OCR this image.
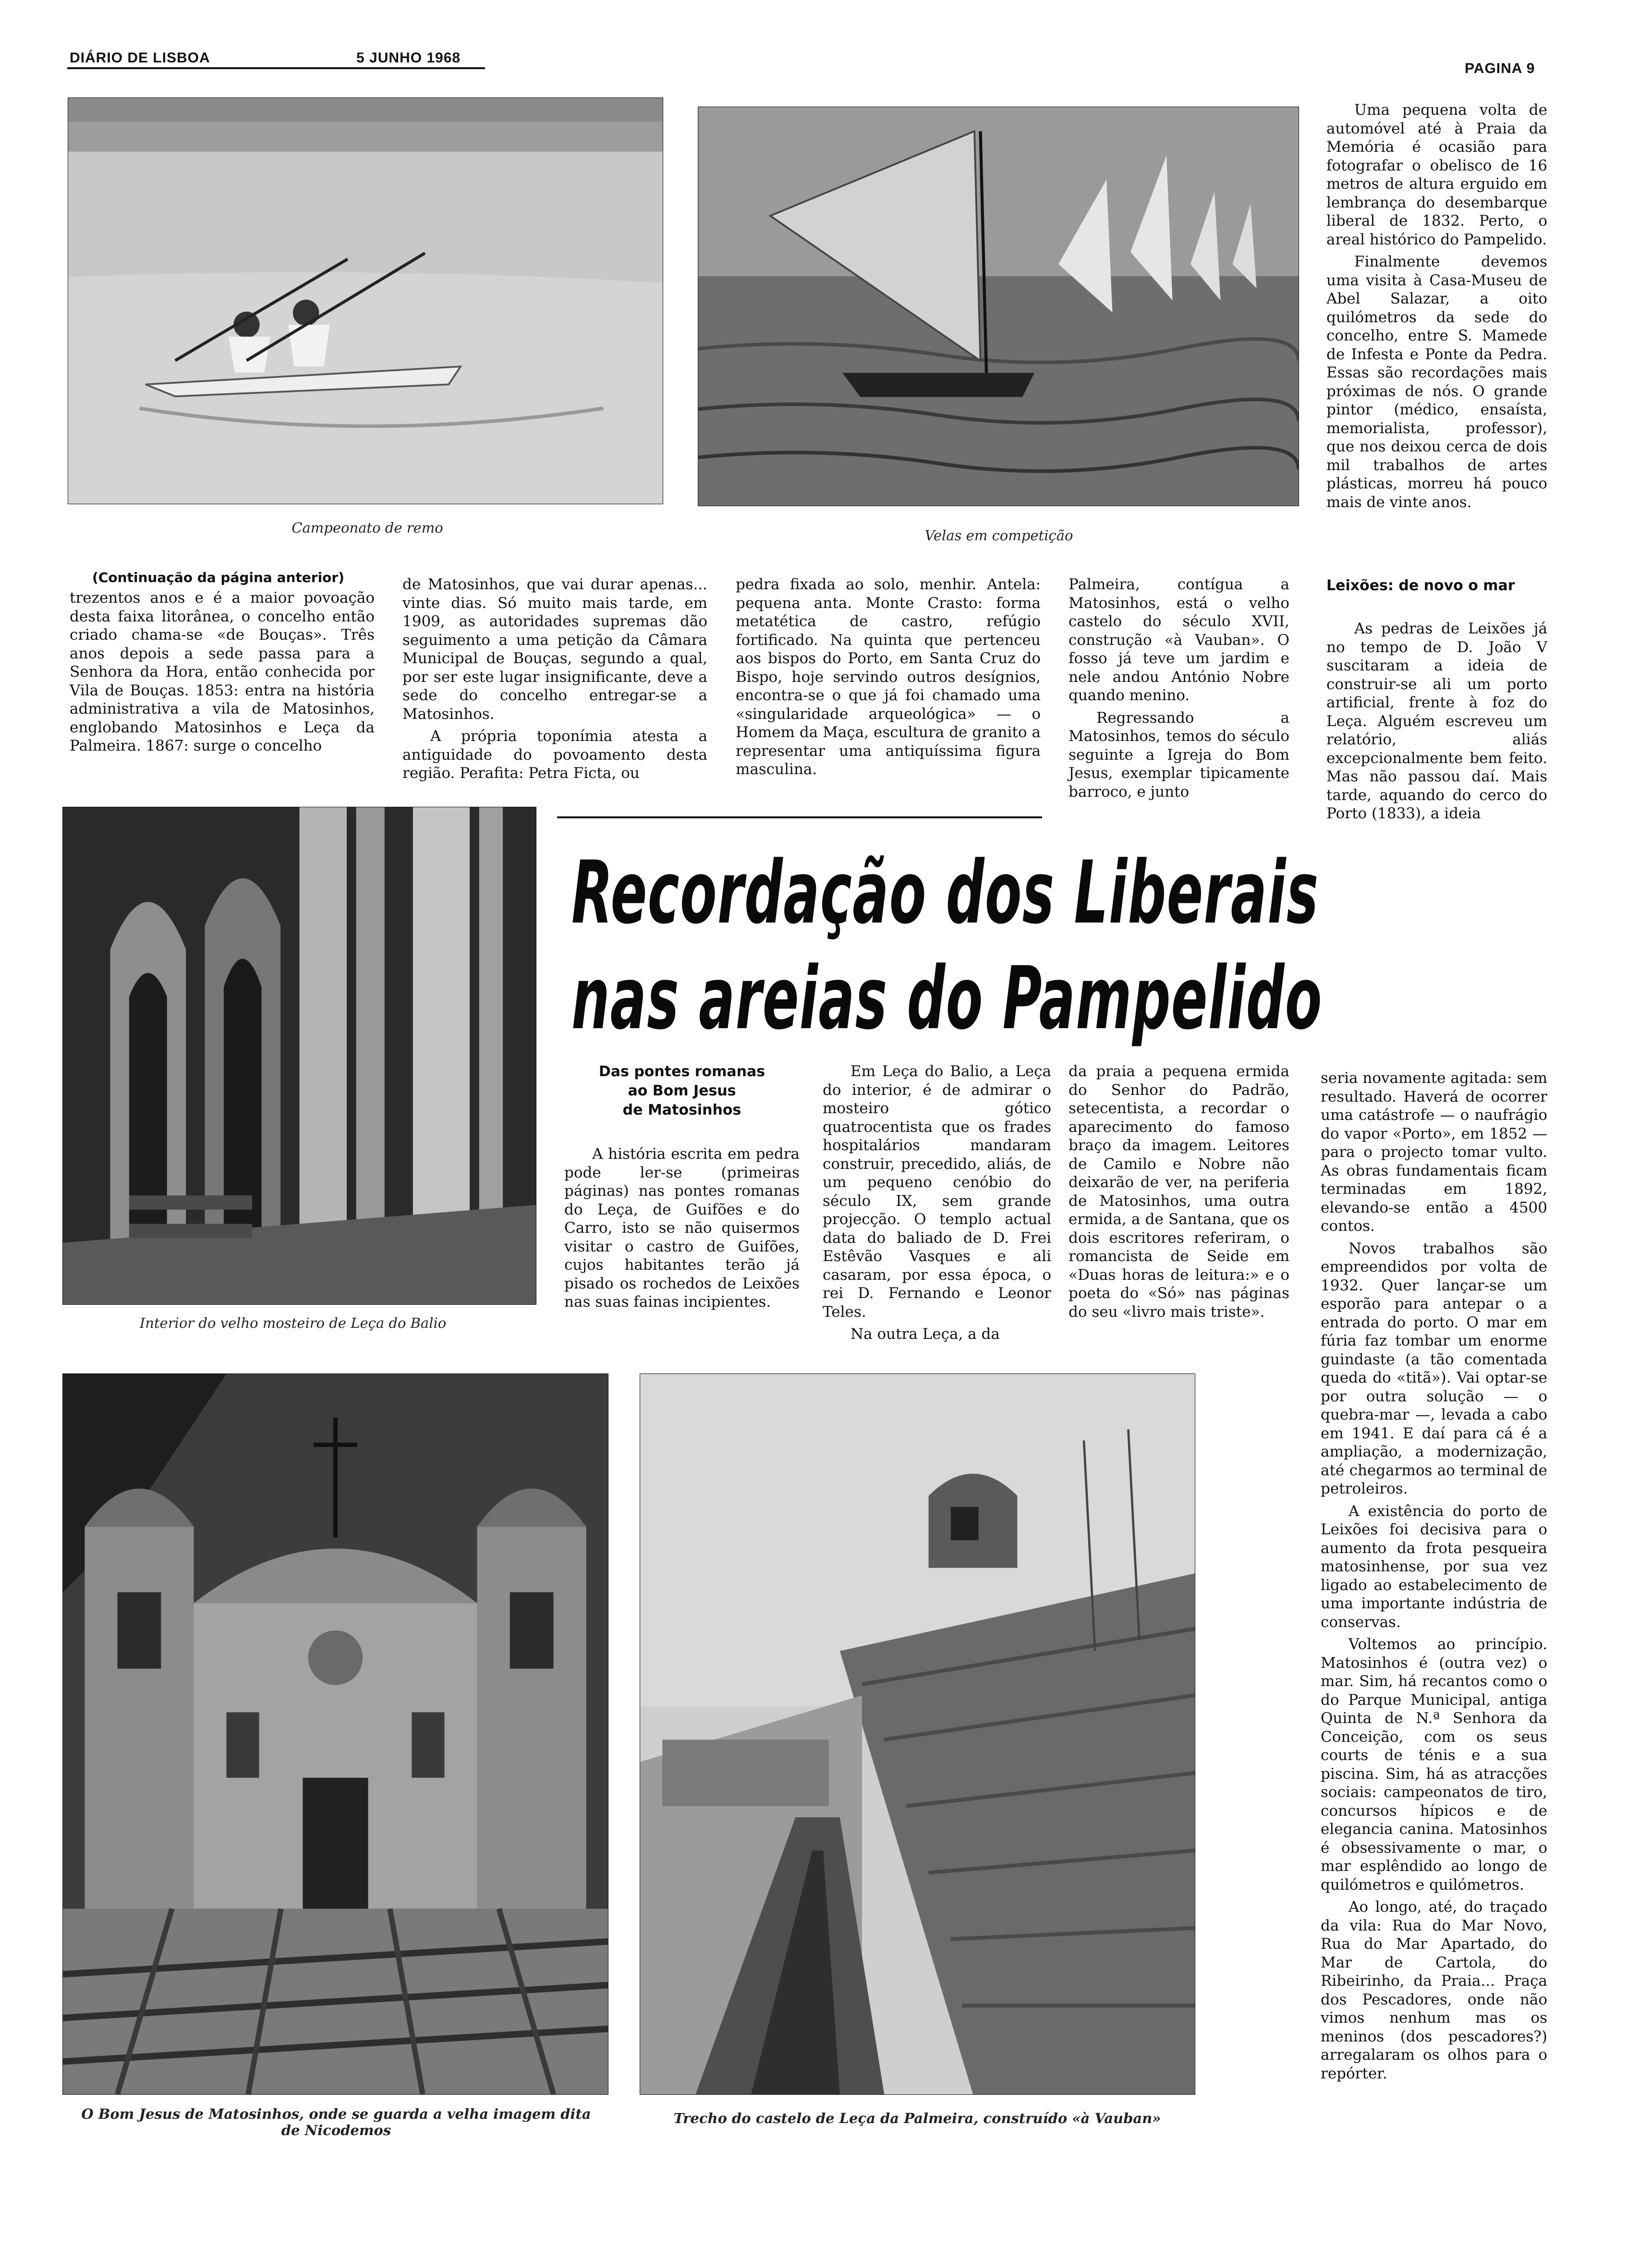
DIÁRIO DE LISBOA	5 JUNHO 1968
PAGINA 9
Campeonato de remo	Velas em competição

Uma pequena volta de automóvel até à Praia da Memória é ocasião para fotografar o obelisco de 16 metros de altura erguido em lembrança do desembarque liberal de 1832. Perto, o areal histórico do Pampelido.

Finalmente devemos uma visita à Casa-Museu de Abel Salazar, a oito quilómetros da sede do concelho, entre S. Mamede de Infesta e Ponte da Pedra. Essas são recordações mais próximas de nós. O grande pintor (médico, ensaísta, memorialista, professor), que nos deixou cerca de dois mil trabalhos de artes plásticas, morreu há pouco mais de vinte anos.

Leixões: de novo o mar

As pedras de Leixões já no tempo de D. João V suscitaram a ideia de construir-se ali um porto artificial, frente à foz do Leça. Alguém escreveu um relatório, aliás excepcionalmente bem feito. Mas não passou daí. Mais tarde, aquando do cerco do Porto (1833), a ideia

(Continuação da página anterior)

trezentos anos e é a maior povoação desta faixa litorânea, o concelho então criado chama-se «de Bouças». Três anos depois a sede passa para a Senhora da Hora, então conhecida por Vila de Bouças. 1853: entra na história administrativa a vila de Matosinhos, englobando Matosinhos e Leça da Palmeira. 1867: surge o concelho

de Matosinhos, que vai durar apenas... vinte dias. Só muito mais tarde, em 1909, as autoridades supremas dão seguimento a uma petição da Câmara Municipal de Bouças, segundo a qual, por ser este lugar insignificante, deve a sede do concelho entregar-se a Matosinhos.

A própria toponímia atesta a antiguidade do povoamento desta região. Perafita: Petra Ficta, ou

pedra fixada ao solo, menhir. Antela: pequena anta. Monte Crasto: forma metatética de castro, refúgio fortificado. Na quinta que pertenceu aos bispos do Porto, em Santa Cruz do Bispo, hoje servindo outros desígnios, encontra-se o que já foi chamado uma «singularidade arqueológica» — o Homem da Maça, escultura de granito a representar uma antiquíssima figura masculina.

Palmeira, contígua a Matosinhos, está o velho castelo do século XVII, construção «à Vauban». O fosso já teve um jardim e nele andou António Nobre quando menino.

Regressando a Matosinhos, temos do século seguinte a Igreja do Bom Jesus, exemplar tipicamente barroco, e junto

Interior do velho mosteiro de Leça do Balio
Recordação dos Liberais
nas areias do Pampelido
Das pontes romanas
ao Bom Jesus
de Matosinhos

A história escrita em pedra pode ler-se (primeiras páginas) nas pontes romanas do Leça, de Guifões e do Carro, isto se não quisermos visitar o castro de Guifões, cujos habitantes terão já pisado os rochedos de Leixões nas suas fainas incipientes.

Em Leça do Balio, a Leça do interior, é de admirar o mosteiro gótico quatrocentista que os frades hospitalários mandaram construir, precedido, aliás, de um pequeno cenóbio do século IX, sem grande projecção. O templo actual data do baliado de D. Frei Estêvão Vasques e ali casaram, por essa época, o rei D. Fernando e Leonor Teles.

Na outra Leça, a da

da praia a pequena ermida do Senhor do Padrão, setecentista, a recordar o aparecimento do famoso braço da imagem. Leitores de Camilo e Nobre não deixarão de ver, na periferia de Matosinhos, uma outra ermida, a de Santana, que os dois escritores referiram, o romancista de Seide em «Duas horas de leitura:» e o poeta do «Só» nas páginas do seu «livro mais triste».

seria novamente agitada: sem resultado. Haverá de ocorrer uma catástrofe — o naufrágio do vapor «Porto», em 1852 — para o projecto tomar vulto. As obras fundamentais ficam terminadas em 1892, elevando-se então a 4500 contos.

Novos trabalhos são empreendidos por volta de 1932. Quer lançar-se um esporão para antepar o a entrada do porto. O mar em fúria faz tombar um enorme guindaste (a tão comentada queda do «titã»). Vai optar-se por outra solução — o quebra-mar —, levada a cabo em 1941. E daí para cá é a ampliação, a modernização, até chegarmos ao terminal de petroleiros.

A existência do porto de Leixões foi decisiva para o aumento da frota pesqueira matosinhense, por sua vez ligado ao estabelecimento de uma importante indústria de conservas.

Voltemos ao princípio. Matosinhos é (outra vez) o mar. Sim, há recantos como o do Parque Municipal, antiga Quinta de N.ª Senhora da Conceição, com os seus courts de ténis e a sua piscina. Sim, há as atracções sociais: campeonatos de tiro, concursos hípicos e de elegancia canina. Matosinhos é obsessivamente o mar, o mar esplêndido ao longo de quilómetros e quilómetros.

Ao longo, até, do traçado da vila: Rua do Mar Novo, Rua do Mar Apartado, do Mar de Cartola, do Ribeirinho, da Praia... Praça dos Pescadores, onde não vimos nenhum mas os meninos (dos pescadores?) arregalaram os olhos para o repórter.

O Bom Jesus de Matosinhos, onde se guarda a velha imagem dita de Nicodemos
Trecho do castelo de Leça da Palmeira, construído «à Vauban»
